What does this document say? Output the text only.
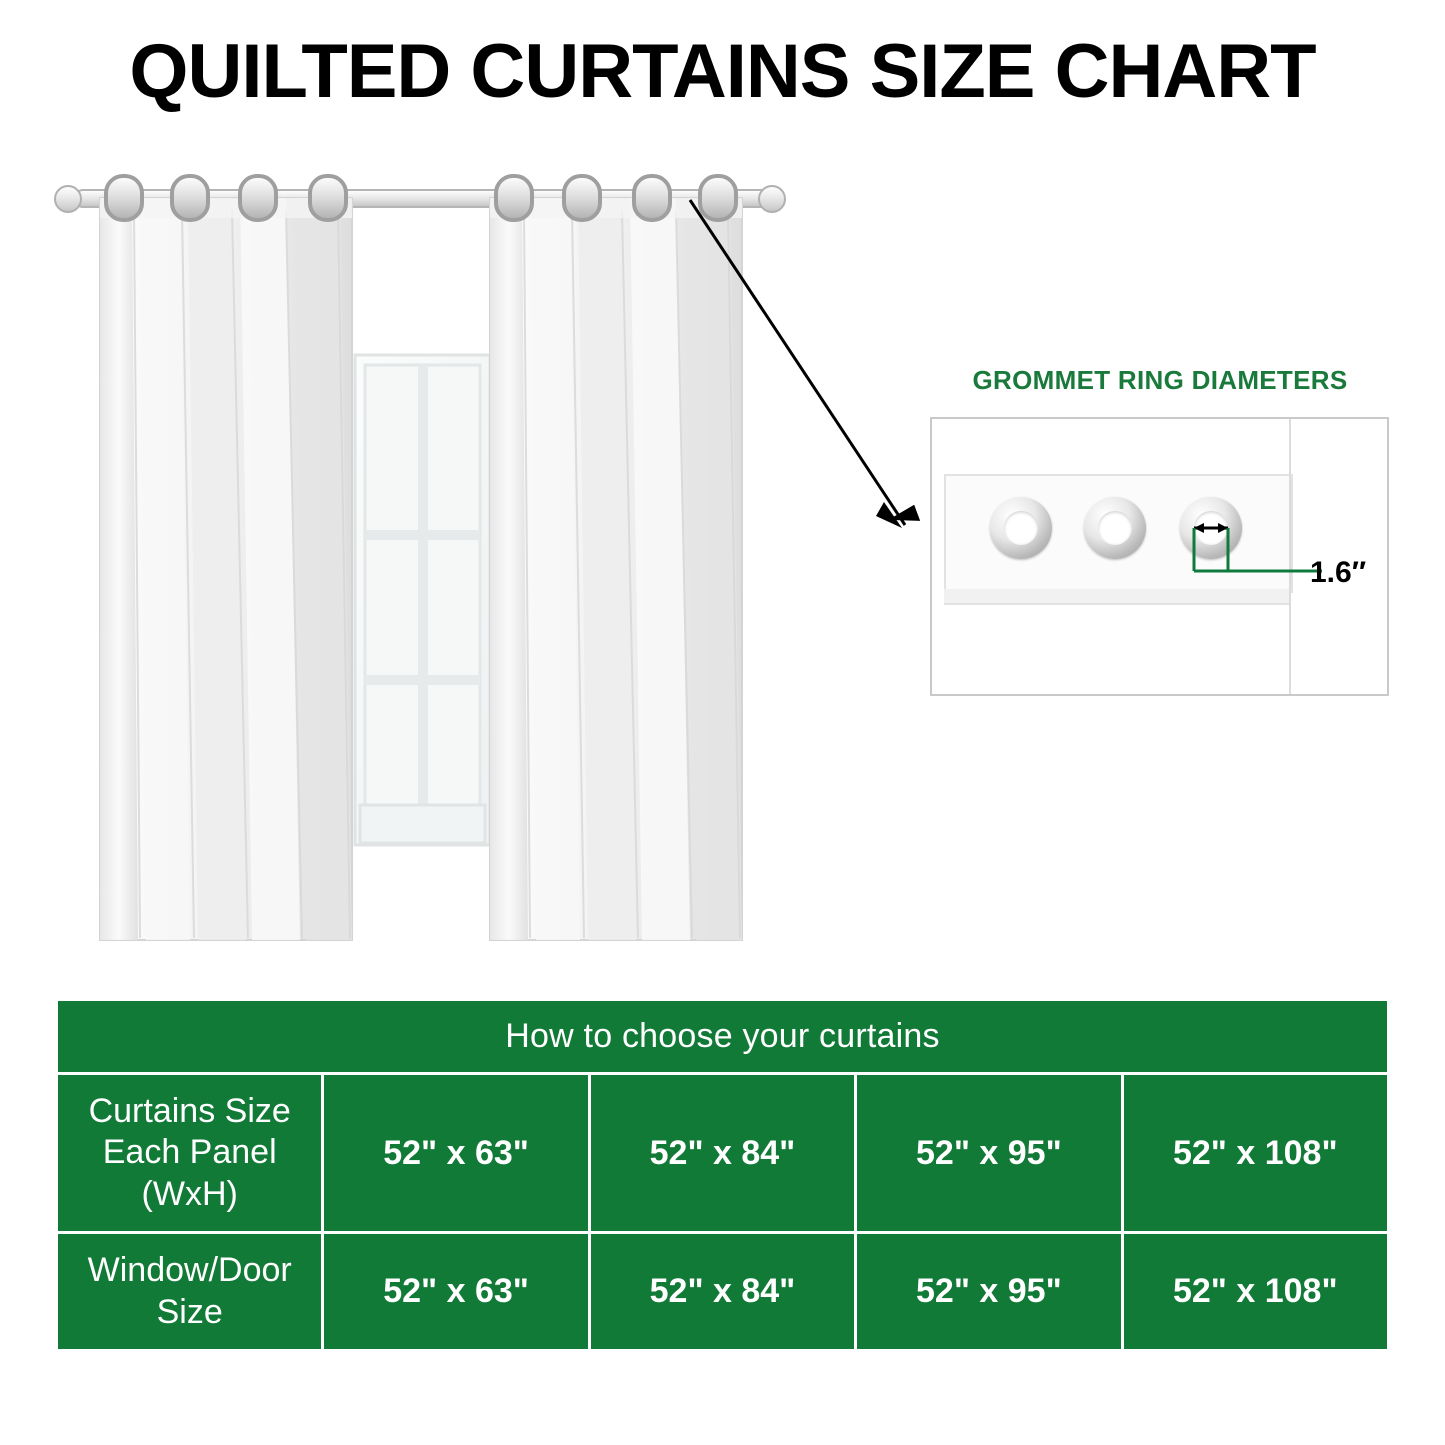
QUILTED CURTAINS SIZE CHART
GROMMET RING DIAMETERS
1.6″
How to choose your curtains				

Curtains Size
Each Panel
(WxH)	52" x 63"	52" x 84"	52" x 95"	52" x 108"

Window/Door
Size	52" x 63"	52" x 84"	52" x 95"	52" x 108"
